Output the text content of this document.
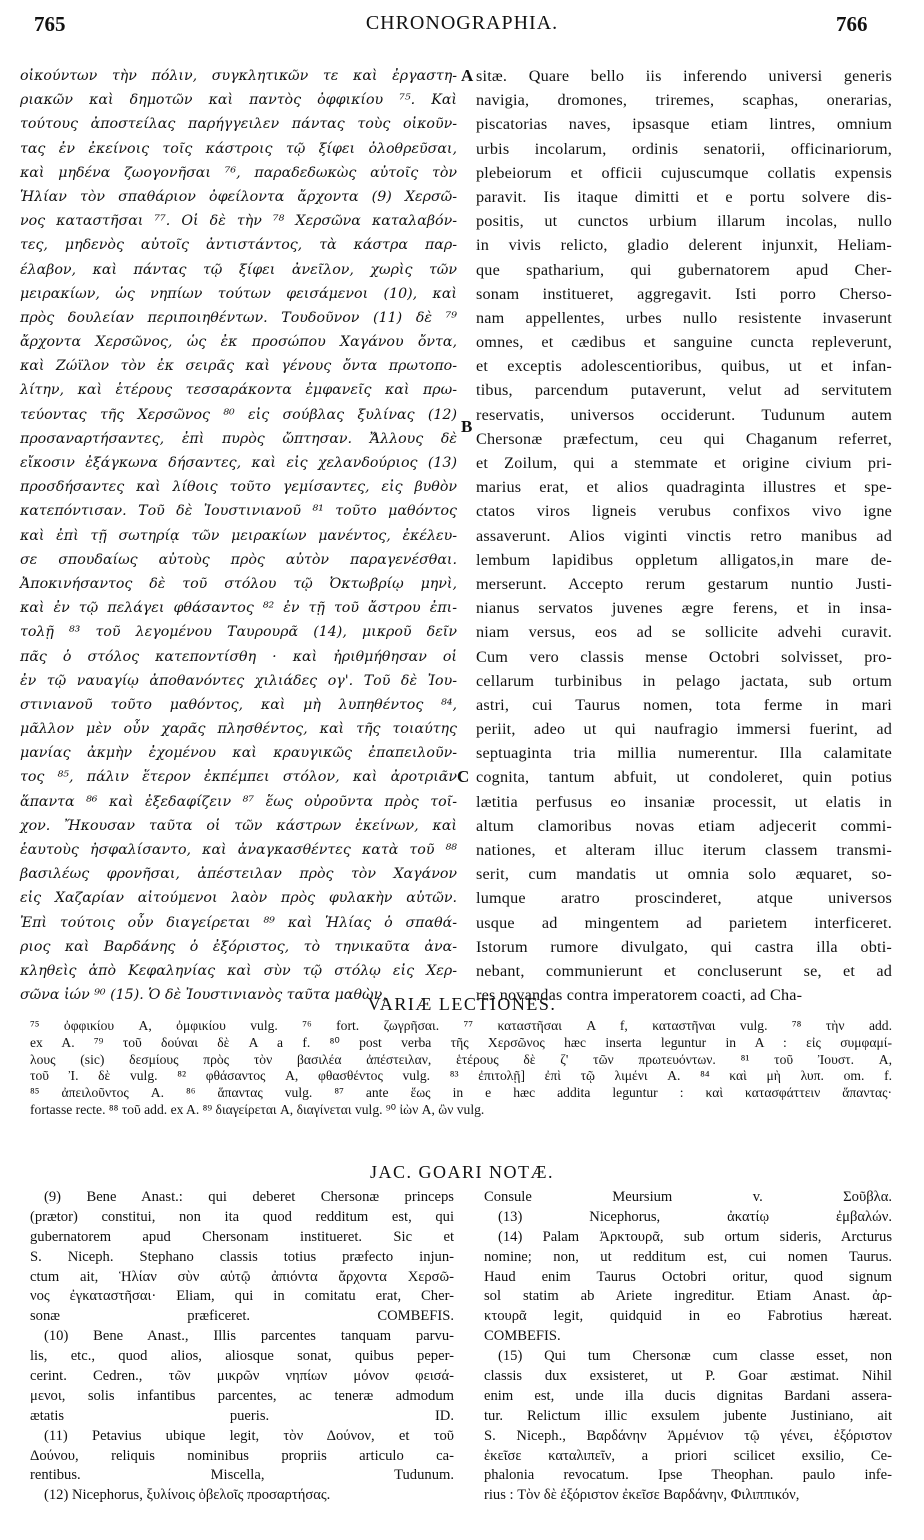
765	CHRONOGRAPHIA.	766
οἰκούντων τὴν πόλιν, συγκλητικῶν τε καὶ ἐργαστη-
ριακῶν καὶ δημοτῶν καὶ παντὸς ὀφφικίου ⁷⁵. Καὶ
τούτους ἀποστείλας παρήγγειλεν πάντας τοὺς οἰκοῦν-
τας ἐν ἐκείνοις τοῖς κάστροις τῷ ξίφει ὀλοθρεῦσαι,
καὶ μηδένα ζωογονῆσαι ⁷⁶, παραδεδωκὼς αὐτοῖς τὸν
Ἡλίαν τὸν σπαθάριον ὀφείλοντα ἄρχοντα (9) Χερσῶ-
νος καταστῆσαι ⁷⁷. Οἱ δὲ τὴν ⁷⁸ Χερσῶνα καταλαβόν-
τες, μηδενὸς αὐτοῖς ἀντιστάντος, τὰ κάστρα παρ-
έλαβον, καὶ πάντας τῷ ξίφει ἀνεῖλον, χωρὶς τῶν
μειρακίων, ὡς νηπίων τούτων φεισάμενοι (10), καὶ
πρὸς δουλείαν περιποιηθέντων. Τουδοῦνον (11) δὲ ⁷⁹
ἄρχοντα Χερσῶνος, ὡς ἐκ προσώπου Χαγάνου ὄντα,
καὶ Ζώϊλον τὸν ἐκ σειρᾶς καὶ γένους ὄντα πρωτοπο-
λίτην, καὶ ἑτέρους τεσσαράκοντα ἐμφανεῖς καὶ πρω-
τεύοντας τῆς Χερσῶνος ⁸⁰ εἰς σούβλας ξυλίνας (12)
προσαναρτήσαντες, ἐπὶ πυρὸς ὤπτησαν. Ἄλλους δὲ
εἴκοσιν ἐξάγκωνα δήσαντες, καὶ εἰς χελανδούριος (13)
προσδήσαντες καὶ λίθοις τοῦτο γεμίσαντες, εἰς βυθὸν
κατεπόντισαν. Τοῦ δὲ Ἰουστινιανοῦ ⁸¹ τοῦτο μαθόντος
καὶ ἐπὶ τῇ σωτηρίᾳ τῶν μειρακίων μανέντος, ἐκέλευ-
σε σπουδαίως αὐτοὺς πρὸς αὐτὸν παραγενέσθαι.
Ἀποκινήσαντος δὲ τοῦ στόλου τῷ Ὀκτωβρίῳ μηνὶ,
καὶ ἐν τῷ πελάγει φθάσαντος ⁸² ἐν τῇ τοῦ ἄστρου ἐπι-
τολῇ ⁸³ τοῦ λεγομένου Ταυρουρᾶ (14), μικροῦ δεῖν
πᾶς ὁ στόλος κατεποντίσθη · καὶ ἠριθμήθησαν οἱ
ἐν τῷ ναυαγίῳ ἀποθανόντες χιλιάδες ογ'. Τοῦ δὲ Ἰου-
στινιανοῦ τοῦτο μαθόντος, καὶ μὴ λυπηθέντος ⁸⁴,
μᾶλλον μὲν οὖν χαρᾶς πλησθέντος, καὶ τῆς τοιαύτης
μανίας ἀκμὴν ἐχομένου καὶ κραυγικῶς ἐπαπειλοῦν-
τος ⁸⁵, πάλιν ἕτερον ἐκπέμπει στόλον, καὶ ἀροτριᾶν
ἅπαντα ⁸⁶ καὶ ἐξεδαφίζειν ⁸⁷ ἕως οὐροῦντα πρὸς τοῖ-
χον. Ἤκουσαν ταῦτα οἱ τῶν κάστρων ἐκείνων, καὶ
ἑαυτοὺς ἠσφαλίσαντο, καὶ ἀναγκασθέντες κατὰ τοῦ ⁸⁸
βασιλέως φρονῆσαι, ἀπέστειλαν πρὸς τὸν Χαγάνον
εἰς Χαζαρίαν αἰτούμενοι λαὸν πρὸς φυλακὴν αὐτῶν.
Ἐπὶ τούτοις οὖν διαγείρεται ⁸⁹ καὶ Ἡλίας ὁ σπαθά-
ριος καὶ Βαρδάνης ὁ ἐξόριστος, τὸ τηνικαῦτα ἀνα-
κληθεὶς ἀπὸ Κεφαληνίας καὶ σὺν τῷ στόλῳ εἰς Χερ-
σῶνα ἰών ⁹⁰ (15). Ὁ δὲ Ἰουστινιανὸς ταῦτα μαθὼν,
sitæ. Quare bello iis inferendo universi generis
navigia, dromones, triremes, scaphas, onerarias,
piscatorias naves, ipsasque etiam lintres, omnium
urbis incolarum, ordinis senatorii, officinariorum,
plebeiorum et officii cujuscumque collatis expensis
paravit. Iis itaque dimitti et e portu solvere dis-
positis, ut cunctos urbium illarum incolas, nullo
in vivis relicto, gladio delerent injunxit, Heliam-
que spatharium, qui gubernatorem apud Cher-
sonam institueret, aggregavit. Isti porro Cherso-
nam appellentes, urbes nullo resistente invaserunt
omnes, et cædibus et sanguine cuncta repleverunt,
et exceptis adolescentioribus, quibus, ut et infan-
tibus, parcendum putaverunt, velut ad servitutem
reservatis, universos occiderunt. Tudunum autem
Chersonæ præfectum, ceu qui Chaganum referret,
et Zoilum, qui a stemmate et origine civium pri-
marius erat, et alios quadraginta illustres et spe-
ctatos viros ligneis verubus confixos vivo igne
assaverunt. Alios viginti vinctis retro manibus ad
lembum lapidibus oppletum alligatos,in mare de-
merserunt. Accepto rerum gestarum nuntio Justi-
nianus servatos juvenes ægre ferens, et in insa-
niam versus, eos ad se sollicite advehi curavit.
Cum vero classis mense Octobri solvisset, pro-
cellarum turbinibus in pelago jactata, sub ortum
astri, cui Taurus nomen, tota ferme in mari
periit, adeo ut qui naufragio immersi fuerint, ad
septuaginta tria millia numerentur. Illa calamitate
cognita, tantum abfuit, ut condoleret, quin potius
lætitia perfusus eo insaniæ processit, ut elatis in
altum clamoribus novas etiam adjecerit commi-
nationes, et alteram illuc iterum classem transmi-
serit, cum mandatis ut omnia solo æquaret, so-
lumque aratro proscinderet, atque universos
usque ad mingentem ad parietem interficeret.
Istorum rumore divulgato, qui castra illa obti-
nebant, communierunt et concluserunt se, et ad
res novandas contra imperatorem coacti, ad Cha-
A
B
C
VARIÆ LECTIONES.
⁷⁵ ὀφφικίου A, ὀμφικίου vulg. ⁷⁶ fort. ζωγρῆσαι. ⁷⁷ καταστῆσαι A f, καταστῆναι vulg. ⁷⁸ τὴν add.
ex A. ⁷⁹ τοῦ δούναι δὲ A a f. ⁸⁰ post verba τῆς Χερσῶνος hæc inserta leguntur in A : εἰς συμφαμί-
λους (sic) δεσμίους πρὸς τὸν βασιλέα ἀπέστειλαν, ἑτέρους δὲ ζ' τῶν πρωτευόντων. ⁸¹ τοῦ Ἰουστ. A,
τοῦ Ἰ. δὲ vulg. ⁸² φθάσαντος A, φθασθέντος vulg. ⁸³ ἐπιτολῇ] ἐπὶ τῷ λιμένι A. ⁸⁴ καὶ μὴ λυπ. om. f.
⁸⁵ ἀπειλοῦντος A. ⁸⁶ ἅπαντας vulg. ⁸⁷ ante ἕως in e hæc addita leguntur : καὶ κατασφάττειν ἅπαντας·
fortasse recte. ⁸⁸ τοῦ add. ex A. ⁸⁹ διαγείρεται A, διαγίνεται vulg. ⁹⁰ ἰὼν A, ὢν vulg.
JAC. GOARI NOTÆ.
(9) Bene Anast.: qui deberet Chersonæ princeps
(prætor) constitui, non ita quod redditum est, qui
gubernatorem apud Chersonam institueret. Sic et
S. Niceph. Stephano classis totius præfecto injun-
ctum ait, Ἡλίαν σὺν αὐτῷ ἀπιόντα ἄρχοντα Χερσῶ-
νος ἐγκαταστῆσαι· Eliam, qui in comitatu erat, Cher-
sonæ præficeret. COMBEFIS.
(10) Bene Anast., Illis parcentes tanquam parvu-
lis, etc., quod alios, aliosque sonat, quibus peper-
cerint. Cedren., τῶν μικρῶν νηπίων μόνον φεισά-
μενοι, solis infantibus parcentes, ac teneræ admodum
ætatis pueris. ID.
(11) Petavius ubique legit, τὸν Δούνον, et τοῦ
Δούνου, reliquis nominibus propriis articulo ca-
rentibus. Miscella, Tudunum.
(12) Nicephorus, ξυλίνοις ὀβελοῖς προσαρτήσας.
Consule Meursium v. Σοῦβλα.
(13) Nicephorus, ἀκατίῳ ἐμβαλών.
(14) Palam Ἀρκτουρᾶ, sub ortum sideris, Arcturus
nomine; non, ut redditum est, cui nomen Taurus.
Haud enim Taurus Octobri oritur, quod signum
sol statim ab Ariete ingreditur. Etiam Anast. ἀρ-
κτουρᾶ legit, quidquid in eo Fabrotius hæreat.
COMBEFIS.
(15) Qui tum Chersonæ cum classe esset, non
classis dux exsisteret, ut P. Goar æstimat. Nihil
enim est, unde illa ducis dignitas Bardani assera-
tur. Relictum illic exsulem jubente Justiniano, ait
S. Niceph., Βαρδάνην Ἀρμένιον τῷ γένει, ἐξόριστον
ἐκεῖσε καταλιπεῖν, a priori scilicet exsilio, Ce-
phalonia revocatum. Ipse Theophan. paulo infe-
rius : Τὸν δὲ ἐξόριστον ἐκεῖσε Βαρδάνην, Φιλιππικόν,
